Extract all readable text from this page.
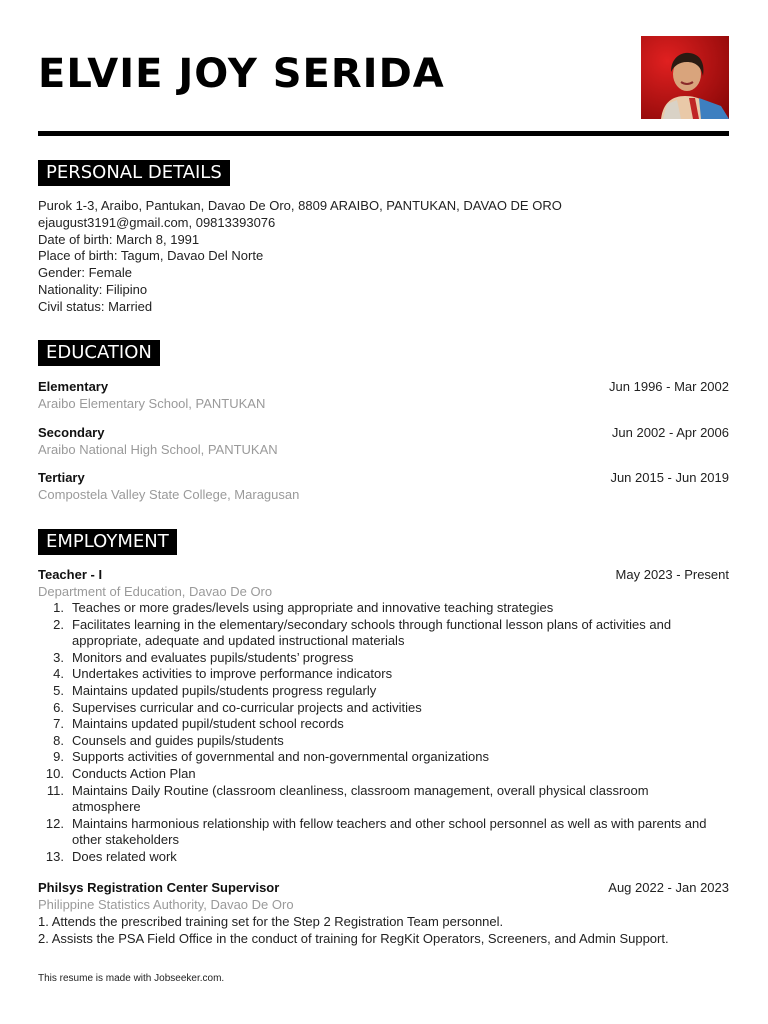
ELVIE JOY SERIDA
PERSONAL DETAILS
Purok 1-3, Araibo, Pantukan, Davao De Oro, 8809 ARAIBO, PANTUKAN, DAVAO DE ORO
ejaugust3191@gmail.com, 09813393076
Date of birth: March 8, 1991
Place of birth: Tagum, Davao Del Norte
Gender: Female
Nationality: Filipino
Civil status: Married
EDUCATION
Elementary	Jun 1996 - Mar 2002
Araibo Elementary School, PANTUKAN
Secondary	Jun 2002 - Apr 2006
Araibo National High School, PANTUKAN
Tertiary	Jun 2015 - Jun 2019
Compostela Valley State College, Maragusan
EMPLOYMENT
Teacher - I	May 2023 - Present
Department of Education, Davao De Oro
1. Teaches or more grades/levels using appropriate and innovative teaching strategies
2. Facilitates learning in the elementary/secondary schools through functional lesson plans of activities and appropriate, adequate and updated instructional materials
3. Monitors and evaluates pupils/students’ progress
4. Undertakes activities to improve performance indicators
5. Maintains updated pupils/students progress regularly
6. Supervises curricular and co-curricular projects and activities
7. Maintains updated pupil/student school records
8. Counsels and guides pupils/students
9. Supports activities of governmental and non-governmental organizations
10. Conducts Action Plan
11. Maintains Daily Routine (classroom cleanliness, classroom management, overall physical classroom atmosphere
12. Maintains harmonious relationship with fellow teachers and other school personnel as well as with parents and other stakeholders
13. Does related work
Philsys Registration Center Supervisor	Aug 2022 - Jan 2023
Philippine Statistics Authority, Davao De Oro
1. Attends the prescribed training set for the Step 2 Registration Team personnel.
2. Assists the PSA Field Office in the conduct of training for RegKit Operators, Screeners, and Admin Support.
This resume is made with Jobseeker.com.
